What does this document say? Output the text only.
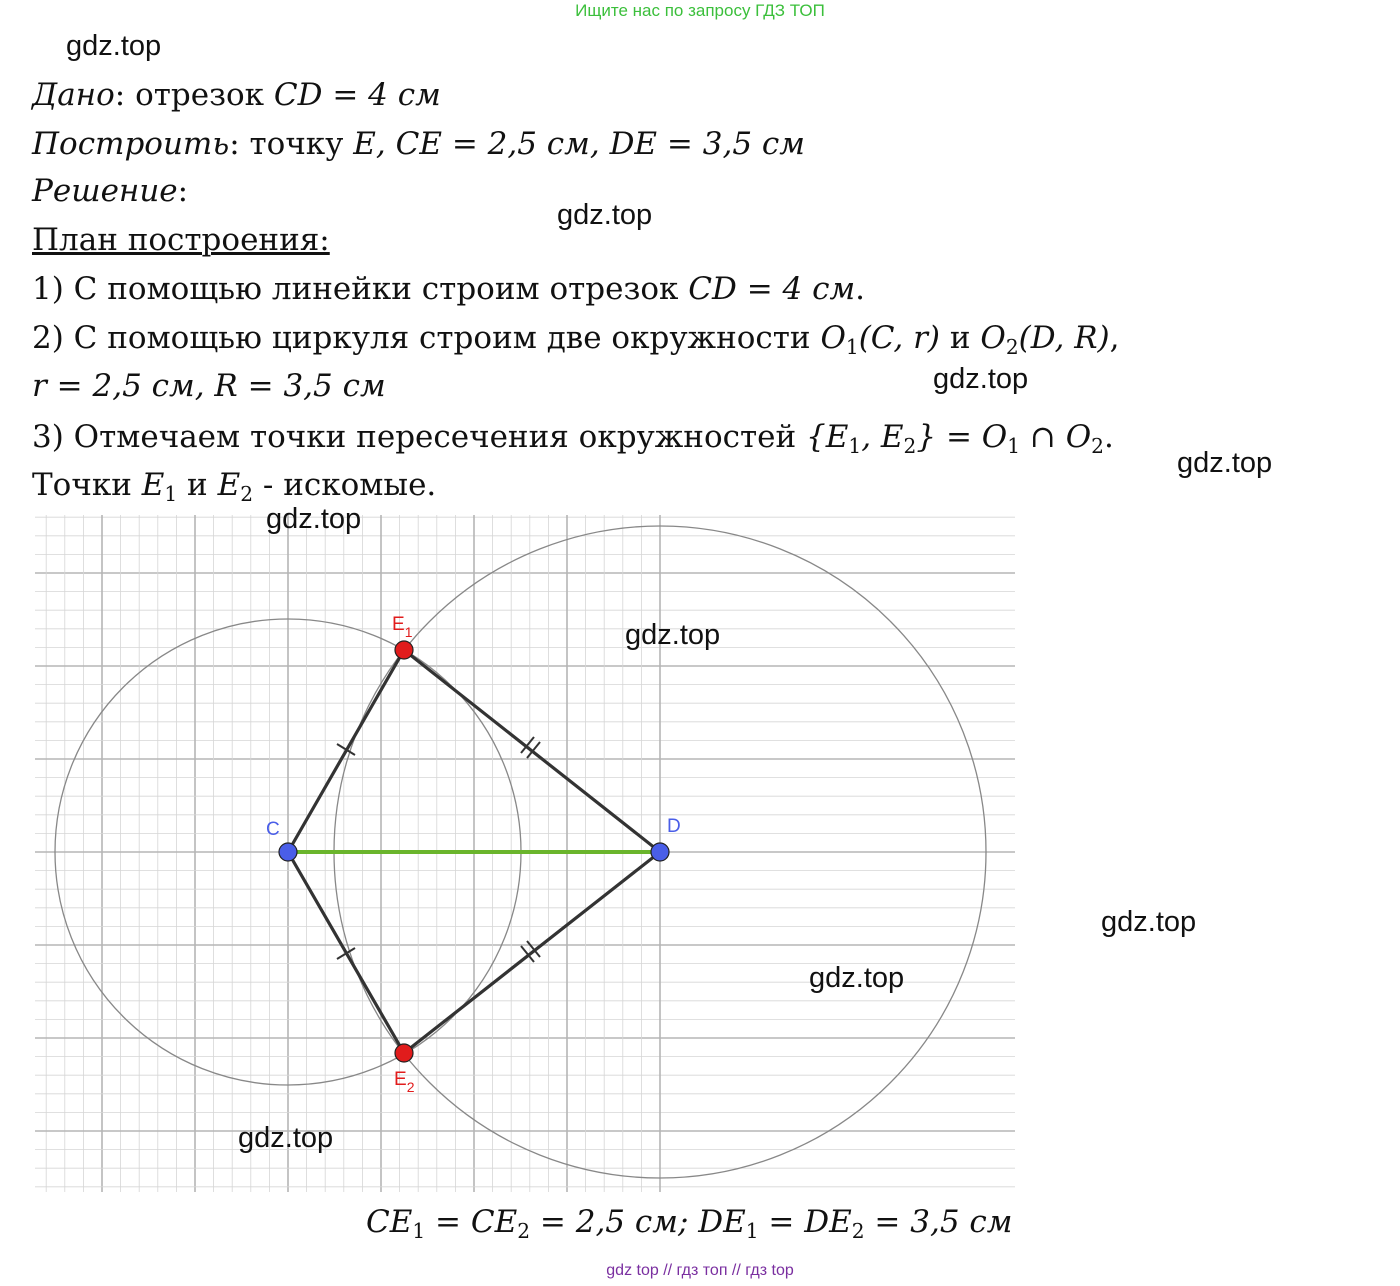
Ищите нас по запросу ГДЗ ТОП
Дано: отрезок CD = 4 см
Построить: точку E, CE = 2,5 см, DE = 3,5 см
Решение:
План построения:
1) С помощью линейки строим отрезок CD = 4 см.
2) С помощью циркуля строим две окружности $O_1(C$, r) и $O_2(D$, R),
r = 2,5 см, R = 3,5 см
3) Отмечаем точки пересечения окружностей {$E_1$, $E_2\} = O_1$ ∩ $O_2$.
Точки $E_1$ и $E_2$ - искомые.
C	D
$E_1$
$E_2$
gdz.top
gdz.top
gdz.top
gdz.top
gdz.top
gdz.top
gdz.top
gdz.top
gdz.top
$CE_1 = CE_2 = 2,5$ см; $DE_1 = DE_2 = 3,5$ см
gdz top // гдз топ // гдз top
